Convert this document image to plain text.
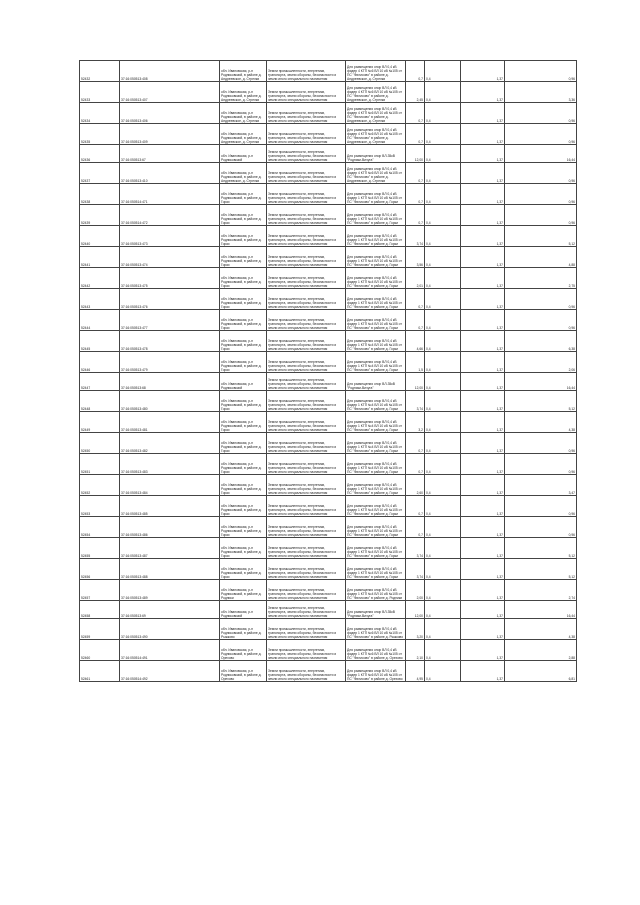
52432	37:16:050513:408	обл. Ивановская, р-н Родниковский, в районе д. Андреевское, д. Стрелки	Земли промышленности, энергетики, транспорта, земли обороны, безопасности и земли иного специального назначения	Для размещения опор ВЛ 0,4 кВ фидер 4 КТП №6 ВЛ 10 кВ №105 от ПС "Филисово" в районе д. Андреевское, д. Стрелки	0,7	0,4	1,37	0,96
52433	37:16:050513:407	обл. Ивановская, р-н Родниковский, в районе д. Андреевское, д. Стрелки	Земли промышленности, энергетики, транспорта, земли обороны, безопасности и земли иного специального назначения	Для размещения опор ВЛ 0,4 кВ фидер 4 КТП №6 ВЛ 10 кВ №105 от ПС "Филисово" в районе д. Андреевское, д. Стрелки	2,45	0,4	1,37	3,36
52434	37:16:050513:406	обл. Ивановская, р-н Родниковский, в районе д. Андреевское, д. Стрелки	Земли промышленности, энергетики, транспорта, земли обороны, безопасности и земли иного специального назначения	Для размещения опор ВЛ 0,4 кВ фидер 4 КТП №6 ВЛ 10 кВ №105 от ПС "Филисово" в районе д. Андреевское, д. Стрелки	0,7	0,4	1,37	0,96
52435	37:16:050513:409	обл. Ивановская, р-н Родниковский, в районе д. Андреевское, д. Стрелки	Земли промышленности, энергетики, транспорта, земли обороны, безопасности и земли иного специального назначения	Для размещения опор ВЛ 0,4 кВ фидер 4 КТП №6 ВЛ 10 кВ №105 от ПС "Филисово" в районе д. Андреевское, д. Стрелки	0,7	0,4	1,37	0,96
52436	37:16:050513:67	обл. Ивановская, р-н Родниковский	Земли промышленности, энергетики, транспорта, земли обороны, безопасности и земли иного специального назначения	Для размещения опор ВЛ-35кВ "Родники-Вичуга"	12,00	0,4	1,37	16,44
52437	37:16:050513:410	обл. Ивановская, р-н Родниковский, в районе д. Андреевское, д. Стрелки	Земли промышленности, энергетики, транспорта, земли обороны, безопасности и земли иного специального назначения	Для размещения опор ВЛ 0,4 кВ фидер 4 КТП №6 ВЛ 10 кВ №105 от ПС "Филисово" в районе д. Андреевское, д. Стрелки	0,7	0,4	1,37	0,96
52438	37:16:050514:471	обл. Ивановская, р-н Родниковский, в районе д. Горки	Земли промышленности, энергетики, транспорта, земли обороны, безопасности и земли иного специального назначения	Для размещения опор ВЛ 0,4 кВ фидер 1 КТП №4 ВЛ 10 кВ №105 от ПС "Филисово" в районе д. Горки	0,7	0,4	1,37	0,96
52439	37:16:050514:472	обл. Ивановская, р-н Родниковский, в районе д. Горки	Земли промышленности, энергетики, транспорта, земли обороны, безопасности и земли иного специального назначения	Для размещения опор ВЛ 0,4 кВ фидер 1 КТП №4 ВЛ 10 кВ №105 от ПС "Филисово" в районе д. Горки	0,7	0,4	1,37	0,96
52440	37:16:050513:473	обл. Ивановская, р-н Родниковский, в районе д. Горки	Земли промышленности, энергетики, транспорта, земли обороны, безопасности и земли иного специального назначения	Для размещения опор ВЛ 0,4 кВ фидер 1 КТП №4 ВЛ 10 кВ №105 от ПС "Филисово" в районе д. Горки	3,74	0,4	1,37	5,12
52441	37:16:050513:474	обл. Ивановская, р-н Родниковский, в районе д. Горки	Земли промышленности, энергетики, транспорта, земли обороны, безопасности и земли иного специального назначения	Для размещения опор ВЛ 0,4 кВ фидер 1 КТП №4 ВЛ 10 кВ №105 от ПС "Филисово" в районе д. Горки	3,56	0,4	1,37	4,88
52442	37:16:050513:475	обл. Ивановская, р-н Родниковский, в районе д. Горки	Земли промышленности, энергетики, транспорта, земли обороны, безопасности и земли иного специального назначения	Для размещения опор ВЛ 0,4 кВ фидер 1 КТП №4 ВЛ 10 кВ №105 от ПС "Филисово" в районе д. Горки	2,01	0,4	1,37	2,75
52443	37:16:050513:476	обл. Ивановская, р-н Родниковский, в районе д. Горки	Земли промышленности, энергетики, транспорта, земли обороны, безопасности и земли иного специального назначения	Для размещения опор ВЛ 0,4 кВ фидер 1 КТП №4 ВЛ 10 кВ №105 от ПС "Филисово" в районе д. Горки	0,7	0,4	1,37	0,96
52444	37:16:050513:477	обл. Ивановская, р-н Родниковский, в районе д. Горки	Земли промышленности, энергетики, транспорта, земли обороны, безопасности и земли иного специального назначения	Для размещения опор ВЛ 0,4 кВ фидер 1 КТП №4 ВЛ 10 кВ №105 от ПС "Филисово" в районе д. Горки	0,7	0,4	1,37	0,96
52445	37:16:050513:478	обл. Ивановская, р-н Родниковский, в районе д. Горки	Земли промышленности, энергетики, транспорта, земли обороны, безопасности и земли иного специального назначения	Для размещения опор ВЛ 0,4 кВ фидер 1 КТП №4 ВЛ 10 кВ №105 от ПС "Филисово" в районе д. Горки	4,66	0,4	1,37	6,38
52446	37:16:050513:479	обл. Ивановская, р-н Родниковский, в районе д. Горки	Земли промышленности, энергетики, транспорта, земли обороны, безопасности и земли иного специального назначения	Для размещения опор ВЛ 0,4 кВ фидер 1 КТП №4 ВЛ 10 кВ №105 от ПС "Филисово" в районе д. Горки	1,5	0,4	1,37	2,06
52447	37:16:050513:68	обл. Ивановская, р-н Родниковский	Земли промышленности, энергетики, транспорта, земли обороны, безопасности и земли иного специального назначения	Для размещения опор ВЛ-35кВ "Родники-Вичуга"	12,00	0,4	1,37	16,44
52448	37:16:050513:480	обл. Ивановская, р-н Родниковский, в районе д. Горки	Земли промышленности, энергетики, транспорта, земли обороны, безопасности и земли иного специального назначения	Для размещения опор ВЛ 0,4 кВ фидер 1 КТП №4 ВЛ 10 кВ №105 от ПС "Филисово" в районе д. Горки	3,74	0,4	1,37	5,12
52449	37:16:050513:481	обл. Ивановская, р-н Родниковский, в районе д. Горки	Земли промышленности, энергетики, транспорта, земли обороны, безопасности и земли иного специального назначения	Для размещения опор ВЛ 0,4 кВ фидер 1 КТП №4 ВЛ 10 кВ №105 от ПС "Филисово" в районе д. Горки	3,2	0,4	1,37	4,38
52450	37:16:050513:482	обл. Ивановская, р-н Родниковский, в районе д. Горки	Земли промышленности, энергетики, транспорта, земли обороны, безопасности и земли иного специального назначения	Для размещения опор ВЛ 0,4 кВ фидер 1 КТП №4 ВЛ 10 кВ №105 от ПС "Филисово" в районе д. Горки	0,7	0,4	1,37	0,96
52451	37:16:050513:483	обл. Ивановская, р-н Родниковский, в районе д. Горки	Земли промышленности, энергетики, транспорта, земли обороны, безопасности и земли иного специального назначения	Для размещения опор ВЛ 0,4 кВ фидер 1 КТП №4 ВЛ 10 кВ №105 от ПС "Филисово" в районе д. Горки	0,7	0,4	1,37	0,96
52452	37:16:050513:484	обл. Ивановская, р-н Родниковский, в районе д. Горки	Земли промышленности, энергетики, транспорта, земли обороны, безопасности и земли иного специального назначения	Для размещения опор ВЛ 0,4 кВ фидер 1 КТП №4 ВЛ 10 кВ №105 от ПС "Филисово" в районе д. Горки	2,60	0,4	1,37	3,47
52453	37:16:050513:485	обл. Ивановская, р-н Родниковский, в районе д. Горки	Земли промышленности, энергетики, транспорта, земли обороны, безопасности и земли иного специального назначения	Для размещения опор ВЛ 0,4 кВ фидер 1 КТП №4 ВЛ 10 кВ №105 от ПС "Филисово" в районе д. Горки	0,7	0,4	1,37	0,96
52454	37:16:050513:486	обл. Ивановская, р-н Родниковский, в районе д. Горки	Земли промышленности, энергетики, транспорта, земли обороны, безопасности и земли иного специального назначения	Для размещения опор ВЛ 0,4 кВ фидер 1 КТП №4 ВЛ 10 кВ №105 от ПС "Филисово" в районе д. Горки	0,7	0,4	1,37	0,96
52455	37:16:050513:487	обл. Ивановская, р-н Родниковский, в районе д. Горки	Земли промышленности, энергетики, транспорта, земли обороны, безопасности и земли иного специального назначения	Для размещения опор ВЛ 0,4 кВ фидер 1 КТП №4 ВЛ 10 кВ №105 от ПС "Филисово" в районе д. Горки	3,74	0,4	1,37	5,12
52456	37:16:050513:488	обл. Ивановская, р-н Родниковский, в районе д. Горки	Земли промышленности, энергетики, транспорта, земли обороны, безопасности и земли иного специального назначения	Для размещения опор ВЛ 0,4 кВ фидер 1 КТП №4 ВЛ 10 кВ №105 от ПС "Филисово" в районе д. Горки	3,74	0,4	1,37	5,12
52457	37:16:050513:489	обл. Ивановская, р-н Родниковский, в районе д. Родники	Земли промышленности, энергетики, транспорта, земли обороны, безопасности и земли иного специального назначения	Для размещения опор ВЛ 0,4 кВ фидер 1 КТП №4 ВЛ 10 кВ №105 от ПС "Филисово" в районе д. Родники	2,00	0,4	1,37	2,74
52458	37:16:050513:69	обл. Ивановская, р-н Родниковский	Земли промышленности, энергетики, транспорта, земли обороны, безопасности и земли иного специального назначения	Для размещения опор ВЛ-35кВ "Родники-Вичуга"	12,00	0,4	1,37	16,44
52459	37:16:050513:490	обл. Ивановская, р-н Родниковский, в районе д. Рыжково	Земли промышленности, энергетики, транспорта, земли обороны, безопасности и земли иного специального назначения	Для размещения опор ВЛ 0,4 кВ фидер 1 КТП №6 ВЛ 10 кВ №105 от ПС "Филисово" в районе д. Рыжково	3,20	0,4	1,37	4,38
52460	37:16:050514:491	обл. Ивановская, р-н Родниковский, в районе д. Орехово	Земли промышленности, энергетики, транспорта, земли обороны, безопасности и земли иного специального назначения	Для размещения опор ВЛ 0,4 кВ фидер 1 КТП №6 ВЛ 10 кВ №105 от ПС "Филисово" в районе д. Орехово	2,10	0,4	1,37	2,88
52461	37:16:050514:492	обл. Ивановская, р-н Родниковский, в районе д. Орехово	Земли промышленности, энергетики, транспорта, земли обороны, безопасности и земли иного специального назначения	Для размещения опор ВЛ 0,4 кВ фидер 1 КТП №6 ВЛ 10 кВ №105 от ПС "Филисово" в районе д. Орехово	4,95	0,4	1,37	6,81
